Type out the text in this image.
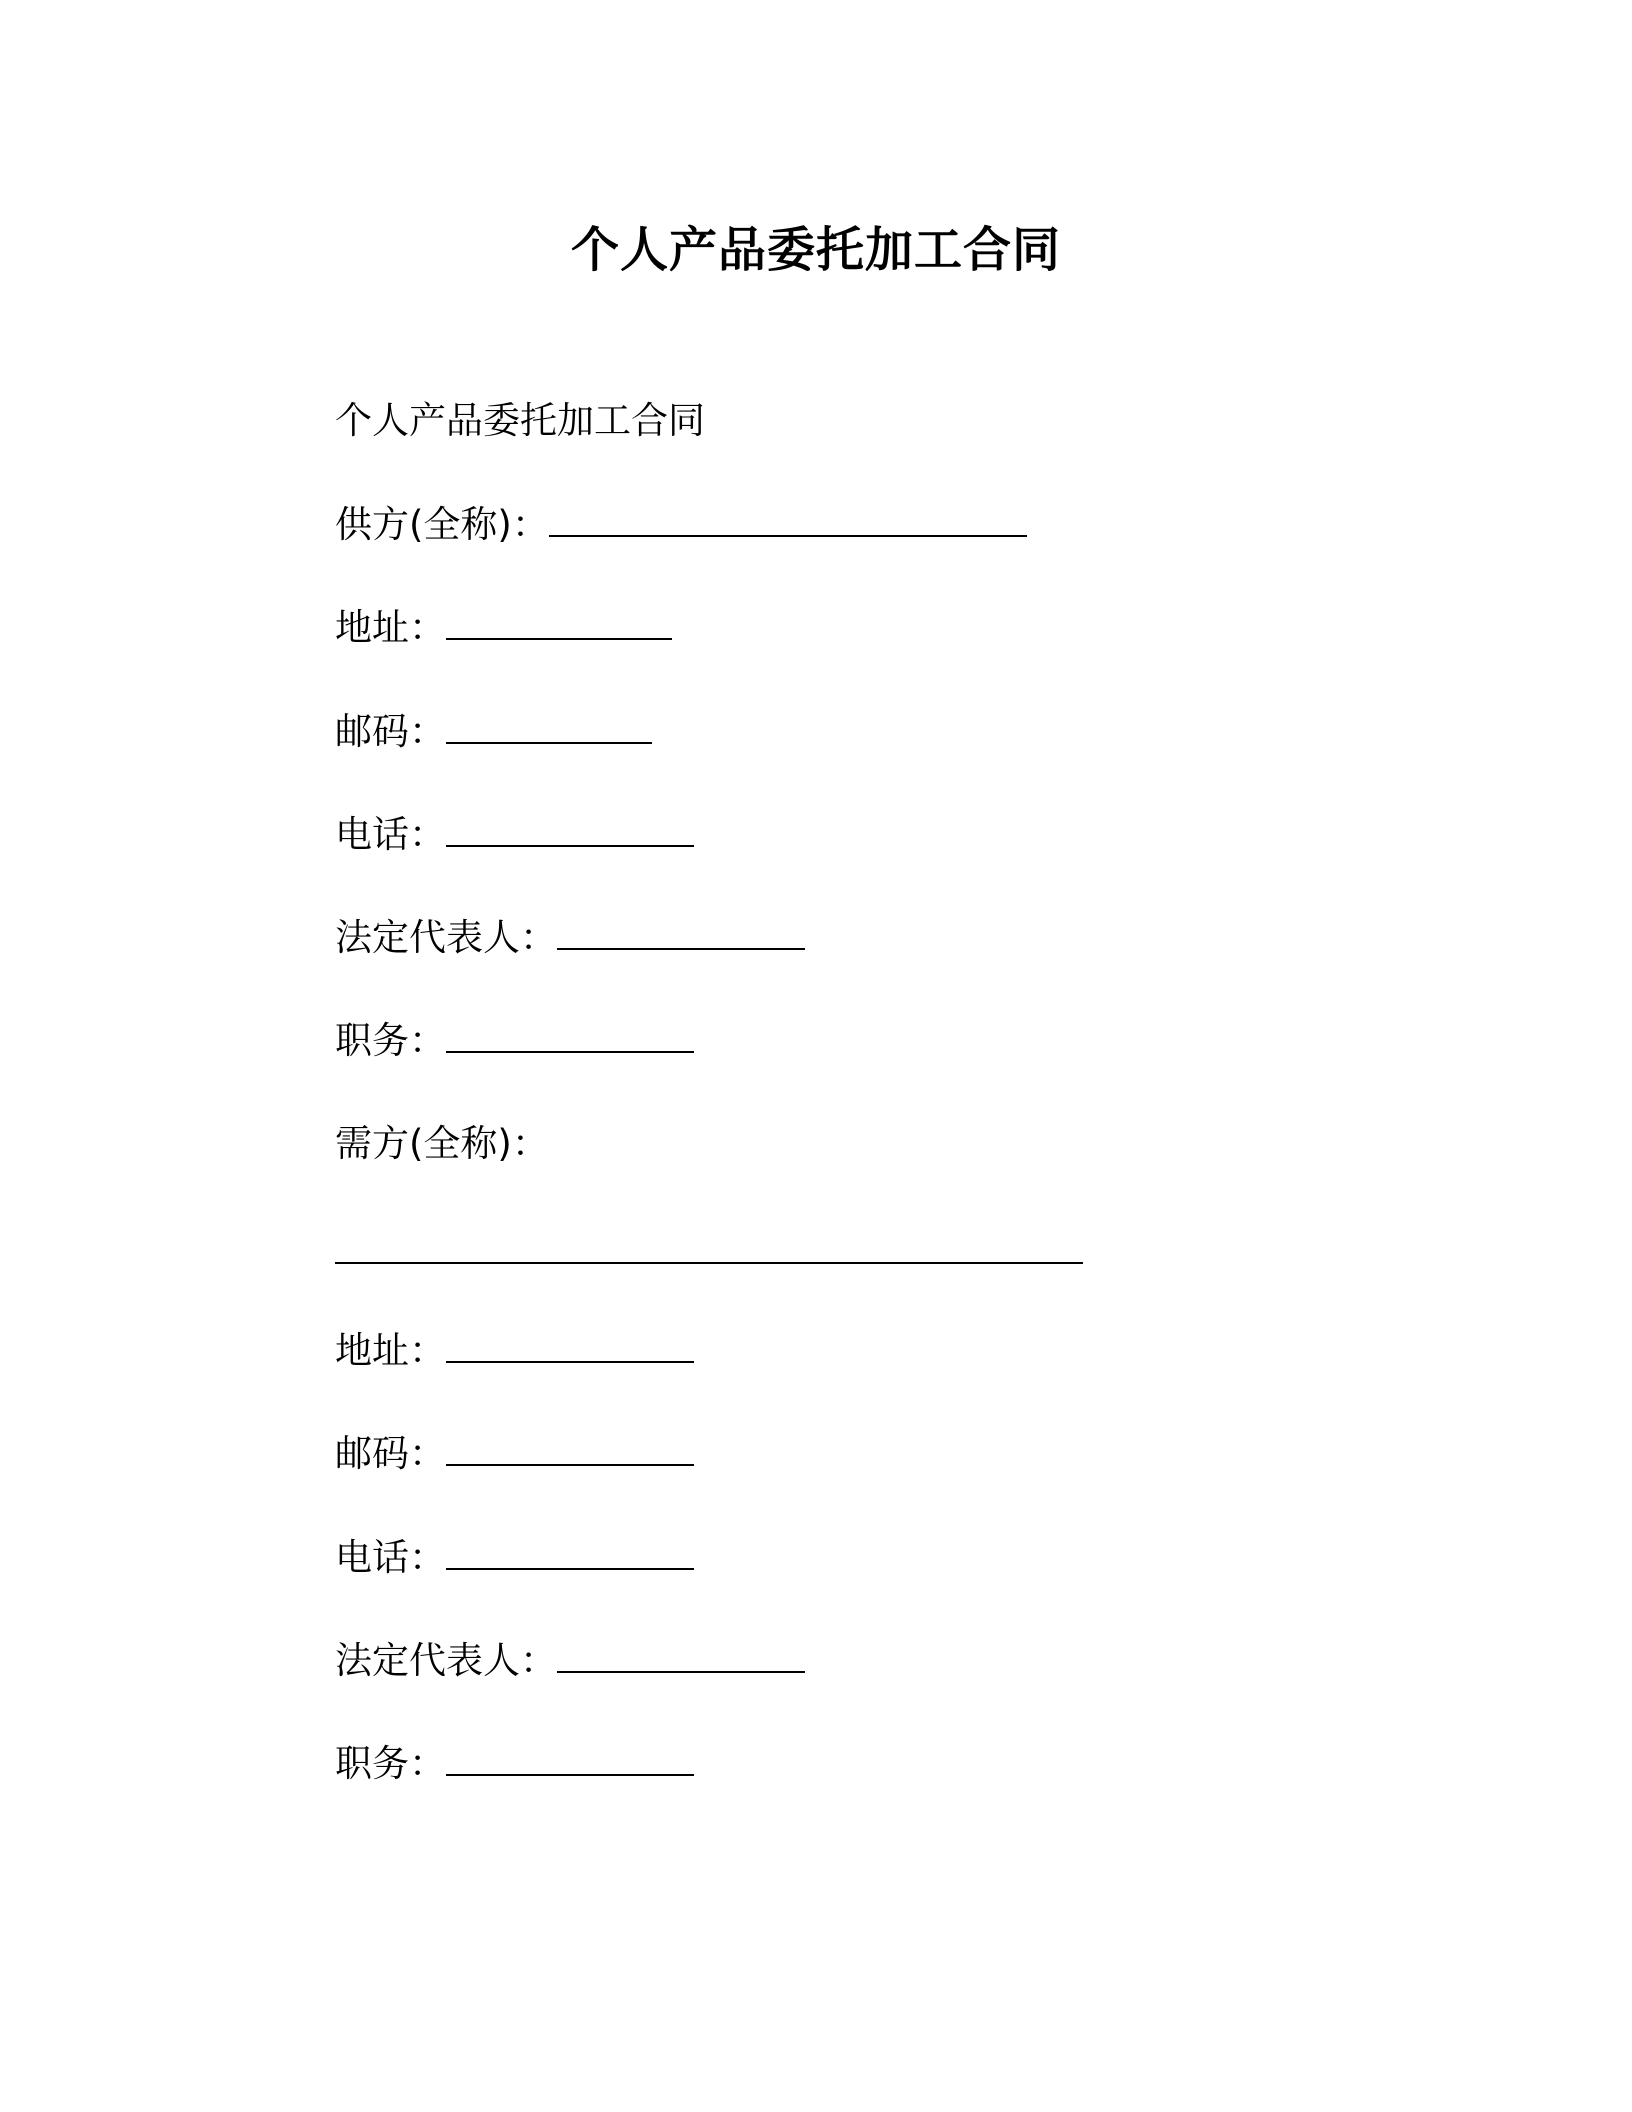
个人产品委托加工合同
个人产品委托加工合同
供方(全称)：
地址：
邮码：
电话：
法定代表人：
职务：
需方(全称)：
地址：
邮码：
电话：
法定代表人：
职务：
